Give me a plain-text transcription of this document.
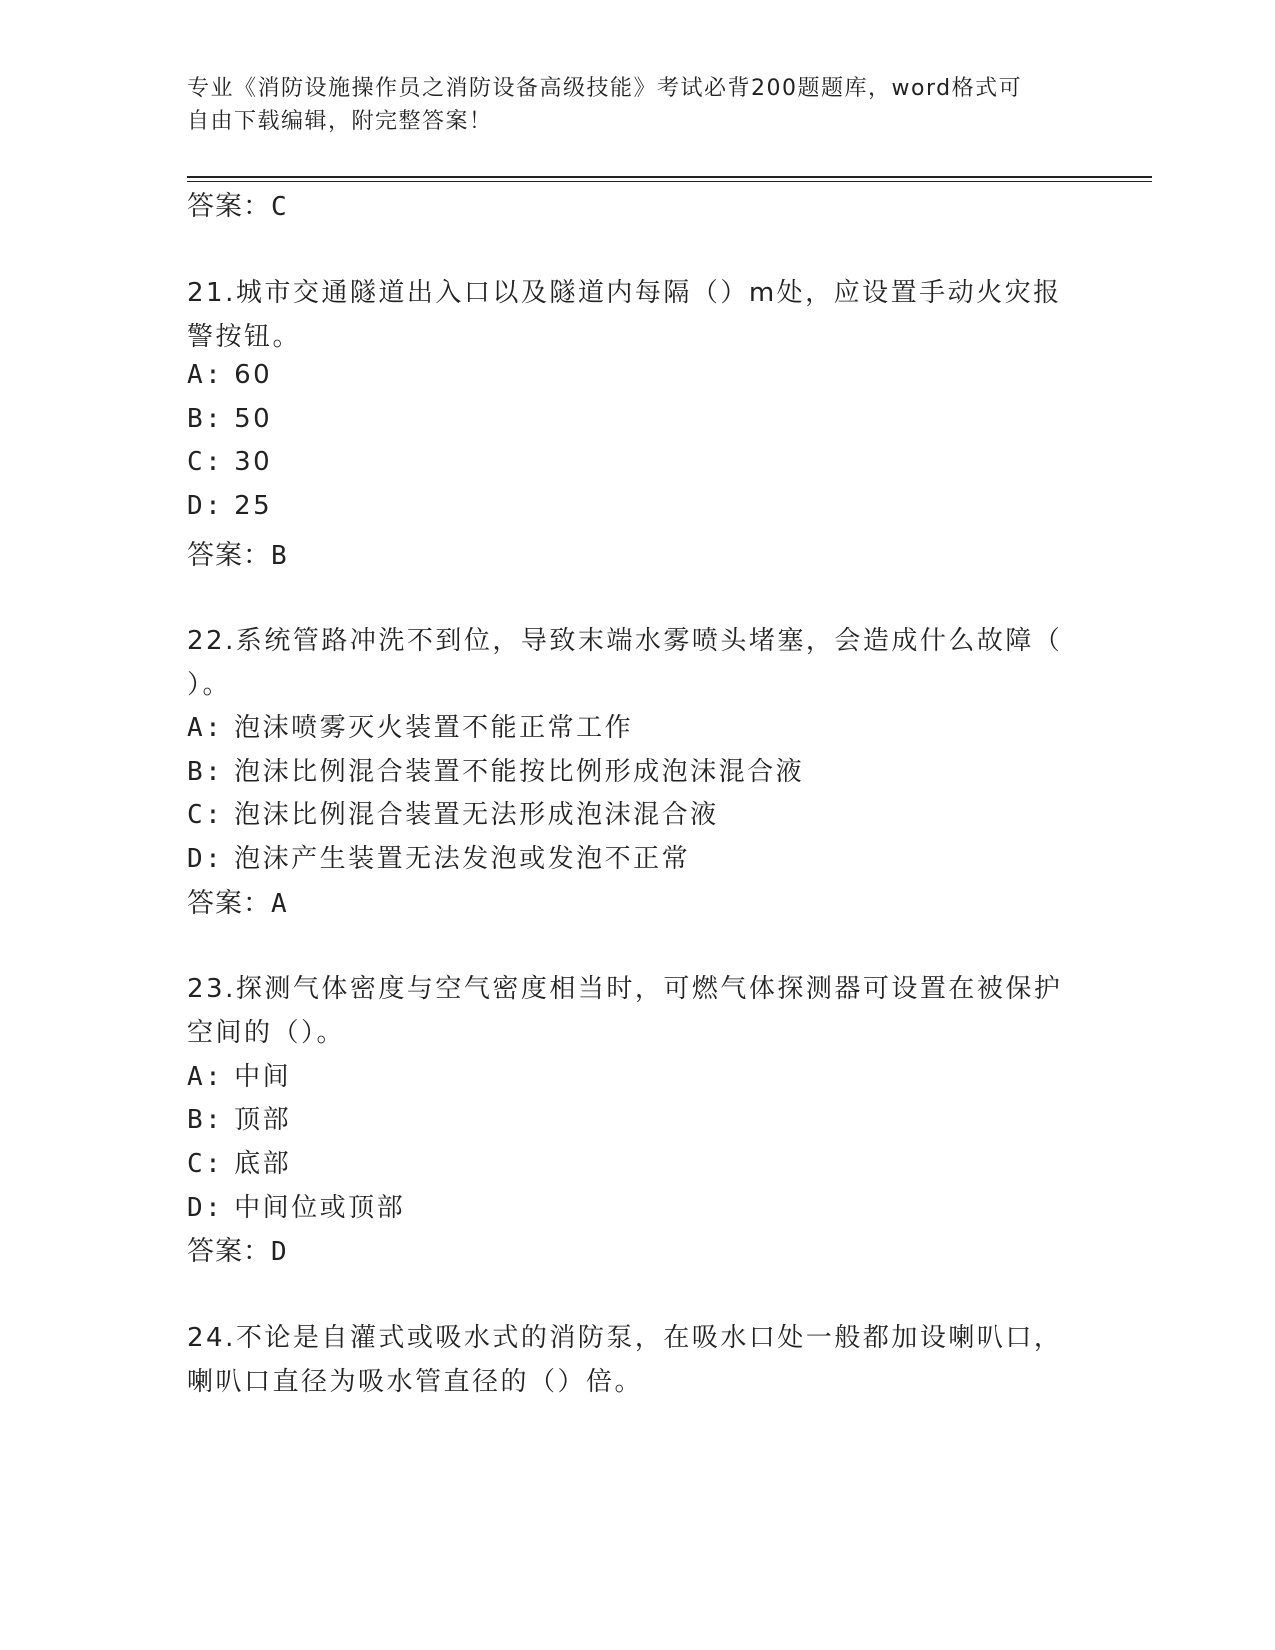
专业《消防设施操作员之消防设备高级技能》考试必背200题题库，word格式可
自由下载编辑，附完整答案！
答案：C
21.城市交通隧道出入口以及隧道内每隔（）m处，应设置手动火灾报
警按钮。
A: 60
B: 50
C: 30
D: 25
答案：B
22.系统管路冲洗不到位，导致末端水雾喷头堵塞，会造成什么故障（
）。
A: 泡沫喷雾灭火装置不能正常工作
B: 泡沫比例混合装置不能按比例形成泡沫混合液
C: 泡沫比例混合装置无法形成泡沫混合液
D: 泡沫产生装置无法发泡或发泡不正常
答案：A
23.探测气体密度与空气密度相当时，可燃气体探测器可设置在被保护
空间的（）。
A: 中间
B: 顶部
C: 底部
D: 中间位或顶部
答案：D
24.不论是自灌式或吸水式的消防泵，在吸水口处一般都加设喇叭口，
喇叭口直径为吸水管直径的（）倍。
